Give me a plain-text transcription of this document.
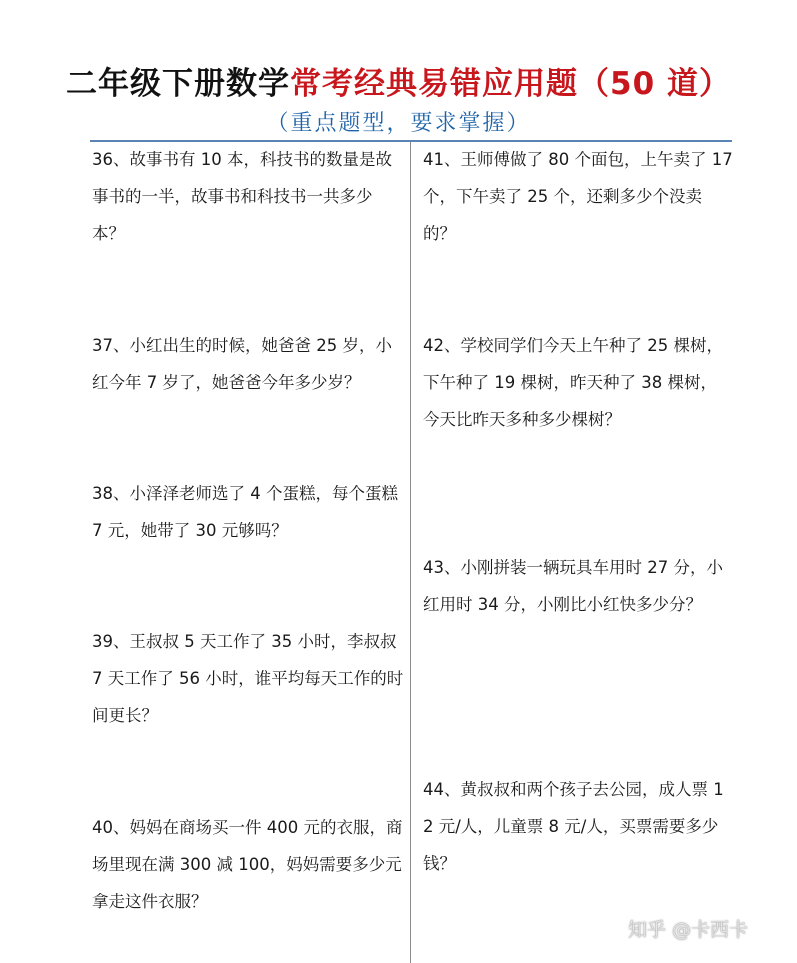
二年级下册数学常考经典易错应用题（50 道）
（重点题型，要求掌握）
36、故事书有 10 本，科技书的数量是故事书的一半，故事书和科技书一共多少本？
37、小红出生的时候，她爸爸 25 岁，小红今年 7 岁了，她爸爸今年多少岁？
38、小泽泽老师选了 4 个蛋糕，每个蛋糕 7 元，她带了 30 元够吗？
39、王叔叔 5 天工作了 35 小时，李叔叔 7 天工作了 56 小时，谁平均每天工作的时间更长？
40、妈妈在商场买一件 400 元的衣服，商场里现在满 300 减 100，妈妈需要多少元拿走这件衣服？
41、王师傅做了 80 个面包，上午卖了 17 个，下午卖了 25 个，还剩多少个没卖的？
42、学校同学们今天上午种了 25 棵树，下午种了 19 棵树，昨天种了 38 棵树，今天比昨天多种多少棵树？
43、小刚拼装一辆玩具车用时 27 分，小红用时 34 分，小刚比小红快多少分？
44、黄叔叔和两个孩子去公园，成人票 12 元/人，儿童票 8 元/人，买票需要多少钱？
知乎 @卡西卡
